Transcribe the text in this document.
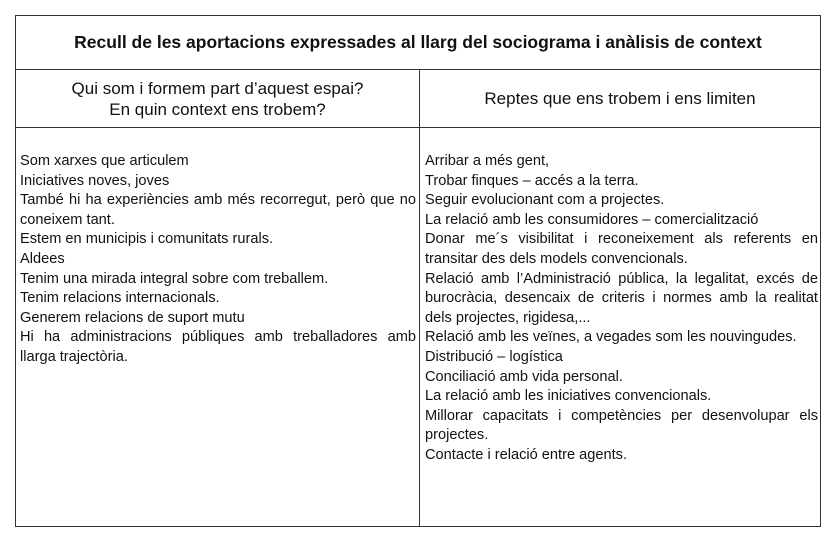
Recull de les aportacions expressades al llarg del sociograma i anàlisis de context
Qui som i formem part d’aquest espai?
En quin context ens trobem?
Reptes que ens trobem i ens limiten
Som xarxes que articulem
Iniciatives noves, joves
També hi ha experiències amb més recorregut, però que no coneixem tant.
Estem en municipis i comunitats rurals.
Aldees
Tenim una mirada integral sobre com treballem.
Tenim relacions internacionals.
Generem relacions de suport mutu
Hi ha administracions públiques amb treballadores amb llarga trajectòria.
Arribar a més gent,
Trobar finques – accés a la terra.
Seguir evolucionant com a projectes.
La relació amb les consumidores – comercialització
Donar me´s visibilitat i reconeixement als referents en transitar des dels models convencionals.
Relació amb l’Administració pública, la legalitat, excés de burocràcia, desencaix de criteris i normes amb la realitat dels projectes, rigidesa,...
Relació amb les veïnes, a vegades som les nouvingudes.
Distribució – logística
Conciliació amb vida personal.
La relació amb les iniciatives convencionals.
Millorar capacitats i competències per desenvolupar els projectes.
Contacte i relació entre agents.
